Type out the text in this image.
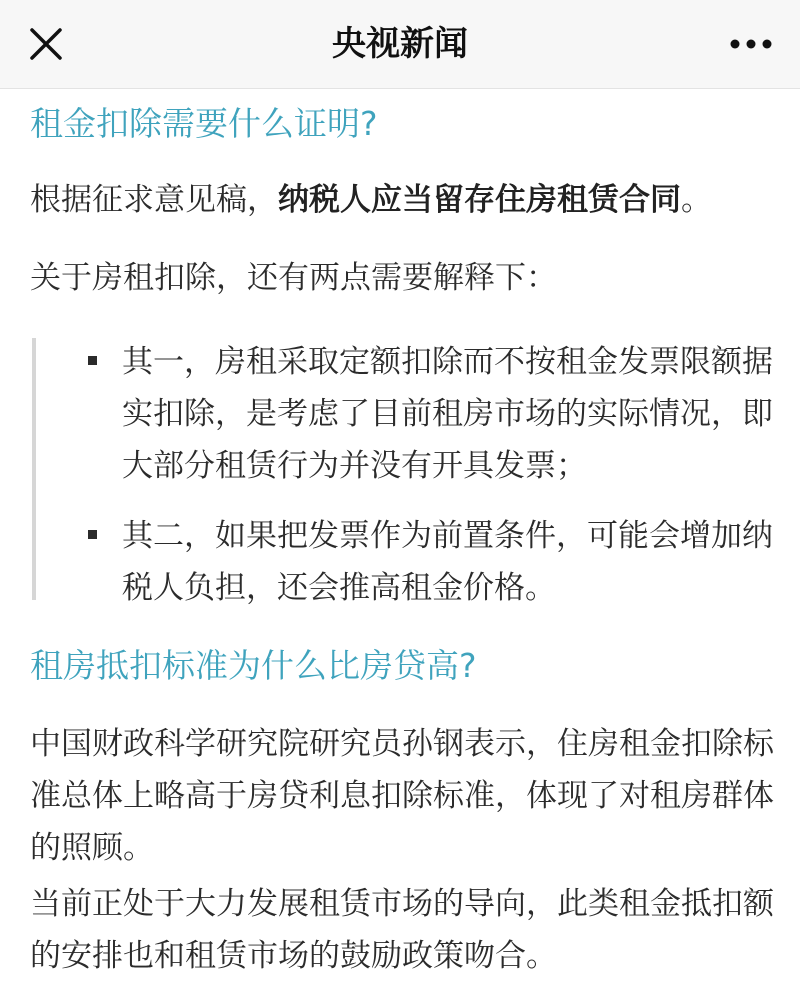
央视新闻
租金扣除需要什么证明?

根据征求意见稿，纳税人应当留存住房租赁合同。

关于房租扣除，还有两点需要解释下：

其一，房租采取定额扣除而不按租金发票限额据实扣除，是考虑了目前租房市场的实际情况，即大部分租赁行为并没有开具发票；
其二，如果把发票作为前置条件，可能会增加纳税人负担，还会推高租金价格。
租房抵扣标准为什么比房贷高?

中国财政科学研究院研究员孙钢表示，住房租金扣除标准总体上略高于房贷利息扣除标准，体现了对租房群体的照顾。

当前正处于大力发展租赁市场的导向，此类租金抵扣额的安排也和租赁市场的鼓励政策吻合。
